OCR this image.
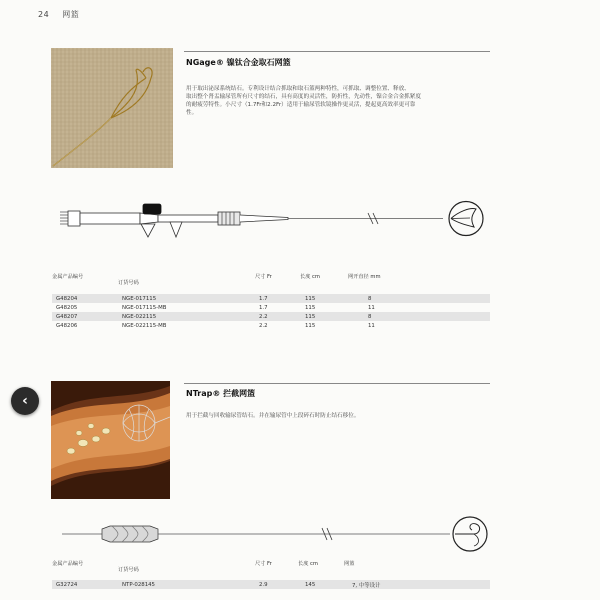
24 网篮
‹
NGage® 镍钛合金取石网篮
用于取出泌尿系统结石。专利设计结合抓取和取石篮两种特性，可抓取、调整位置、释放、
取出整个肾盂输尿管所有尺寸的结石，具有高度的灵活性，防折性，先动性，镍合金合金抓紧度
的耐疲劳特性。小尺寸（1.7Fr和2.2Fr）适用于输尿管软镜操作更灵活，提起更高效率更可靠
性。
金属产品编号
订货号码
尺寸 Fr	长度 cm	网开直径 mm
G48204	NGE-017115	1.7	115	8
G48205	NGE-017115-MB	1.7	115	11
G48207	NGE-022115	2.2	115	8
G48206	NGE-022115-MB	2.2	115	11
NTrap® 拦截网篮
用于拦截与回收输尿管结石。并在输尿管中上段碎石时防止结石移位。
金属产品编号
订货号码
尺寸 Fr	长度 cm	网篮
G32724	NTP-028145	2.9	145	7, 中等设计
